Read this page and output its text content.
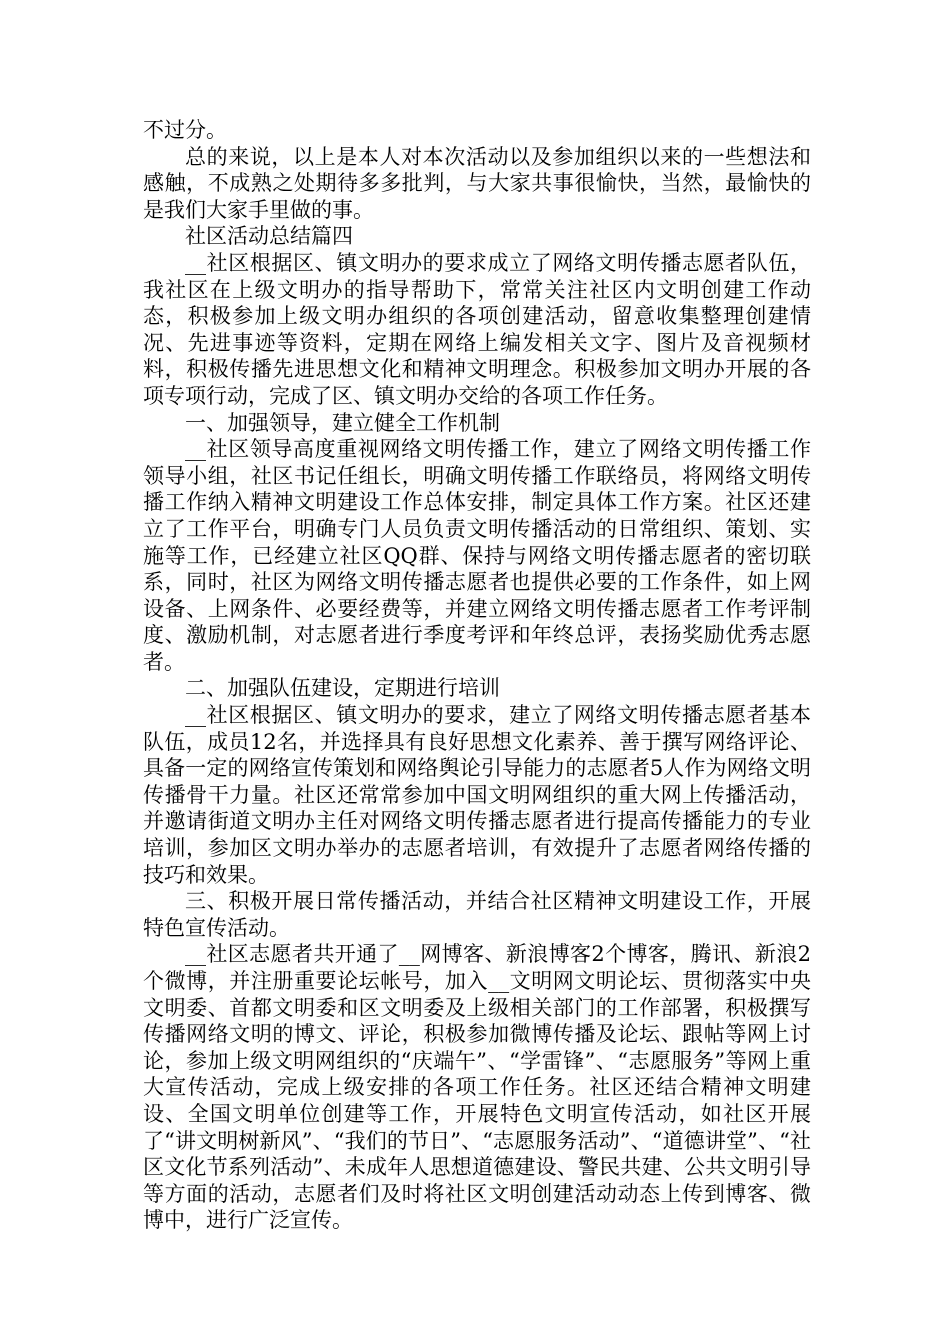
不过分。

总的来说，以上是本人对本次活动以及参加组织以来的一些想法和感触，不成熟之处期待多多批判，与大家共事很愉快，当然，最愉快的是我们大家手里做的事。

社区活动总结篇四

__社区根据区、镇文明办的要求成立了网络文明传播志愿者队伍，我社区在上级文明办的指导帮助下，常常关注社区内文明创建工作动态，积极参加上级文明办组织的各项创建活动，留意收集整理创建情况、先进事迹等资料，定期在网络上编发相关文字、图片及音视频材料，积极传播先进思想文化和精神文明理念。积极参加文明办开展的各项专项行动，完成了区、镇文明办交给的各项工作任务。

一、加强领导，建立健全工作机制

__社区领导高度重视网络文明传播工作，建立了网络文明传播工作领导小组，社区书记任组长，明确文明传播工作联络员，将网络文明传播工作纳入精神文明建设工作总体安排，制定具体工作方案。社区还建立了工作平台，明确专门人员负责文明传播活动的日常组织、策划、实施等工作，已经建立社区QQ群、保持与网络文明传播志愿者的密切联系，同时，社区为网络文明传播志愿者也提供必要的工作条件，如上网设备、上网条件、必要经费等，并建立网络文明传播志愿者工作考评制度、激励机制，对志愿者进行季度考评和年终总评，表扬奖励优秀志愿者。

二、加强队伍建设，定期进行培训

__社区根据区、镇文明办的要求，建立了网络文明传播志愿者基本队伍，成员12名，并选择具有良好思想文化素养、善于撰写网络评论、具备一定的网络宣传策划和网络舆论引导能力的志愿者5人作为网络文明传播骨干力量。社区还常常参加中国文明网组织的重大网上传播活动，并邀请街道文明办主任对网络文明传播志愿者进行提高传播能力的专业培训，参加区文明办举办的志愿者培训，有效提升了志愿者网络传播的技巧和效果。

三、积极开展日常传播活动，并结合社区精神文明建设工作，开展特色宣传活动。

__社区志愿者共开通了__网博客、新浪博客2个博客，腾讯、新浪2个微博，并注册重要论坛帐号，加入__文明网文明论坛、贯彻落实中央文明委、首都文明委和区文明委及上级相关部门的工作部署，积极撰写传播网络文明的博文、评论，积极参加微博传播及论坛、跟帖等网上讨论，参加上级文明网组织的“庆端午”、“学雷锋”、“志愿服务”等网上重大宣传活动，完成上级安排的各项工作任务。社区还结合精神文明建设、全国文明单位创建等工作，开展特色文明宣传活动，如社区开展了“讲文明树新风”、“我们的节日”、“志愿服务活动”、“道德讲堂”、“社区文化节系列活动”、未成年人思想道德建设、警民共建、公共文明引导等方面的活动，志愿者们及时将社区文明创建活动动态上传到博客、微博中，进行广泛宣传。
